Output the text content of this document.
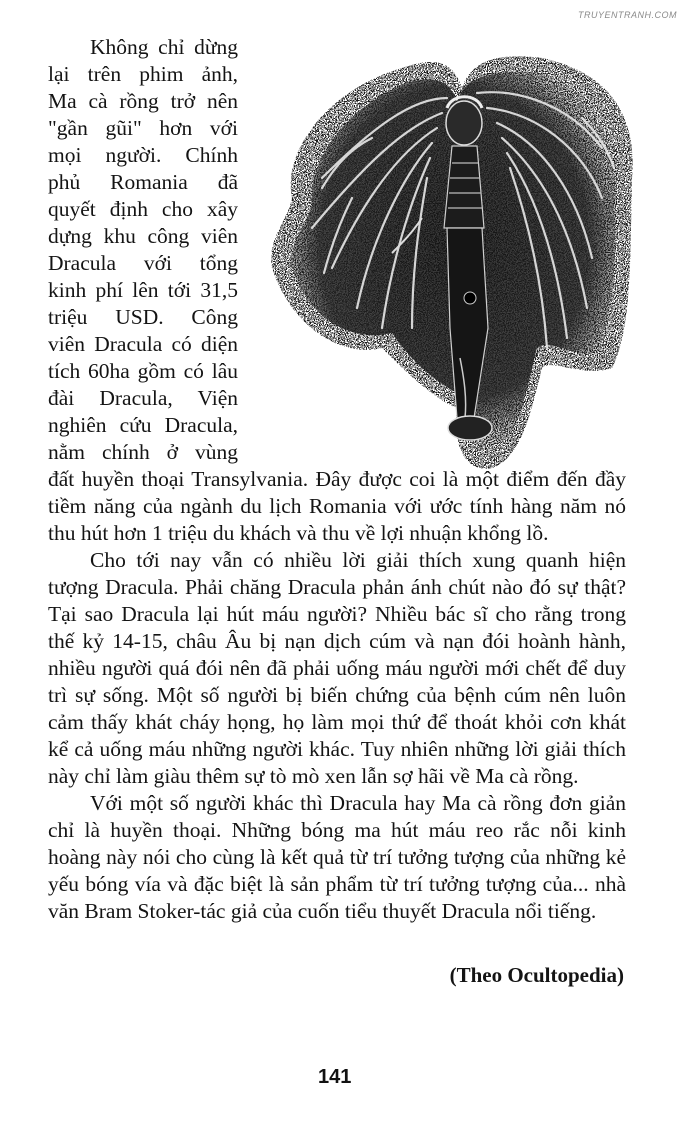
TRUYENTRANH.COM
Không chỉ dừng
lại trên phim ảnh,
Ma cà rồng trở nên
"gần gũi" hơn với
mọi người. Chính
phủ Romania đã
quyết định cho xây
dựng khu công viên
Dracula với tổng
kinh phí lên tới 31,5
triệu USD. Công
viên Dracula có diện
tích 60ha gồm có lâu
đài Dracula, Viện
nghiên cứu Dracula,
nằm chính ở vùng
đất huyền thoại Transylvania. Đây được coi là một điểm đến đầy
tiềm năng của ngành du lịch Romania với ước tính hàng năm nó
thu hút hơn 1 triệu du khách và thu về lợi nhuận khổng lồ.
Cho tới nay vẫn có nhiều lời giải thích xung quanh hiện
tượng Dracula. Phải chăng Dracula phản ánh chút nào đó sự thật?
Tại sao Dracula lại hút máu người? Nhiều bác sĩ cho rằng trong
thế kỷ 14-15, châu Âu bị nạn dịch cúm và nạn đói hoành hành,
nhiều người quá đói nên đã phải uống máu người mới chết để duy
trì sự sống. Một số người bị biến chứng của bệnh cúm nên luôn
cảm thấy khát cháy họng, họ làm mọi thứ để thoát khỏi cơn khát
kể cả uống máu những người khác. Tuy nhiên những lời giải thích
này chỉ làm giàu thêm sự tò mò xen lẫn sợ hãi về Ma cà rồng.
Với một số người khác thì Dracula hay Ma cà rồng đơn giản
chỉ là huyền thoại. Những bóng ma hút máu reo rắc nỗi kinh
hoàng này nói cho cùng là kết quả từ trí tưởng tượng của những kẻ
yếu bóng vía và đặc biệt là sản phẩm từ trí tưởng tượng của... nhà
văn Bram Stoker-tác giả của cuốn tiểu thuyết Dracula nổi tiếng.
(Theo Ocultopedia)
141
